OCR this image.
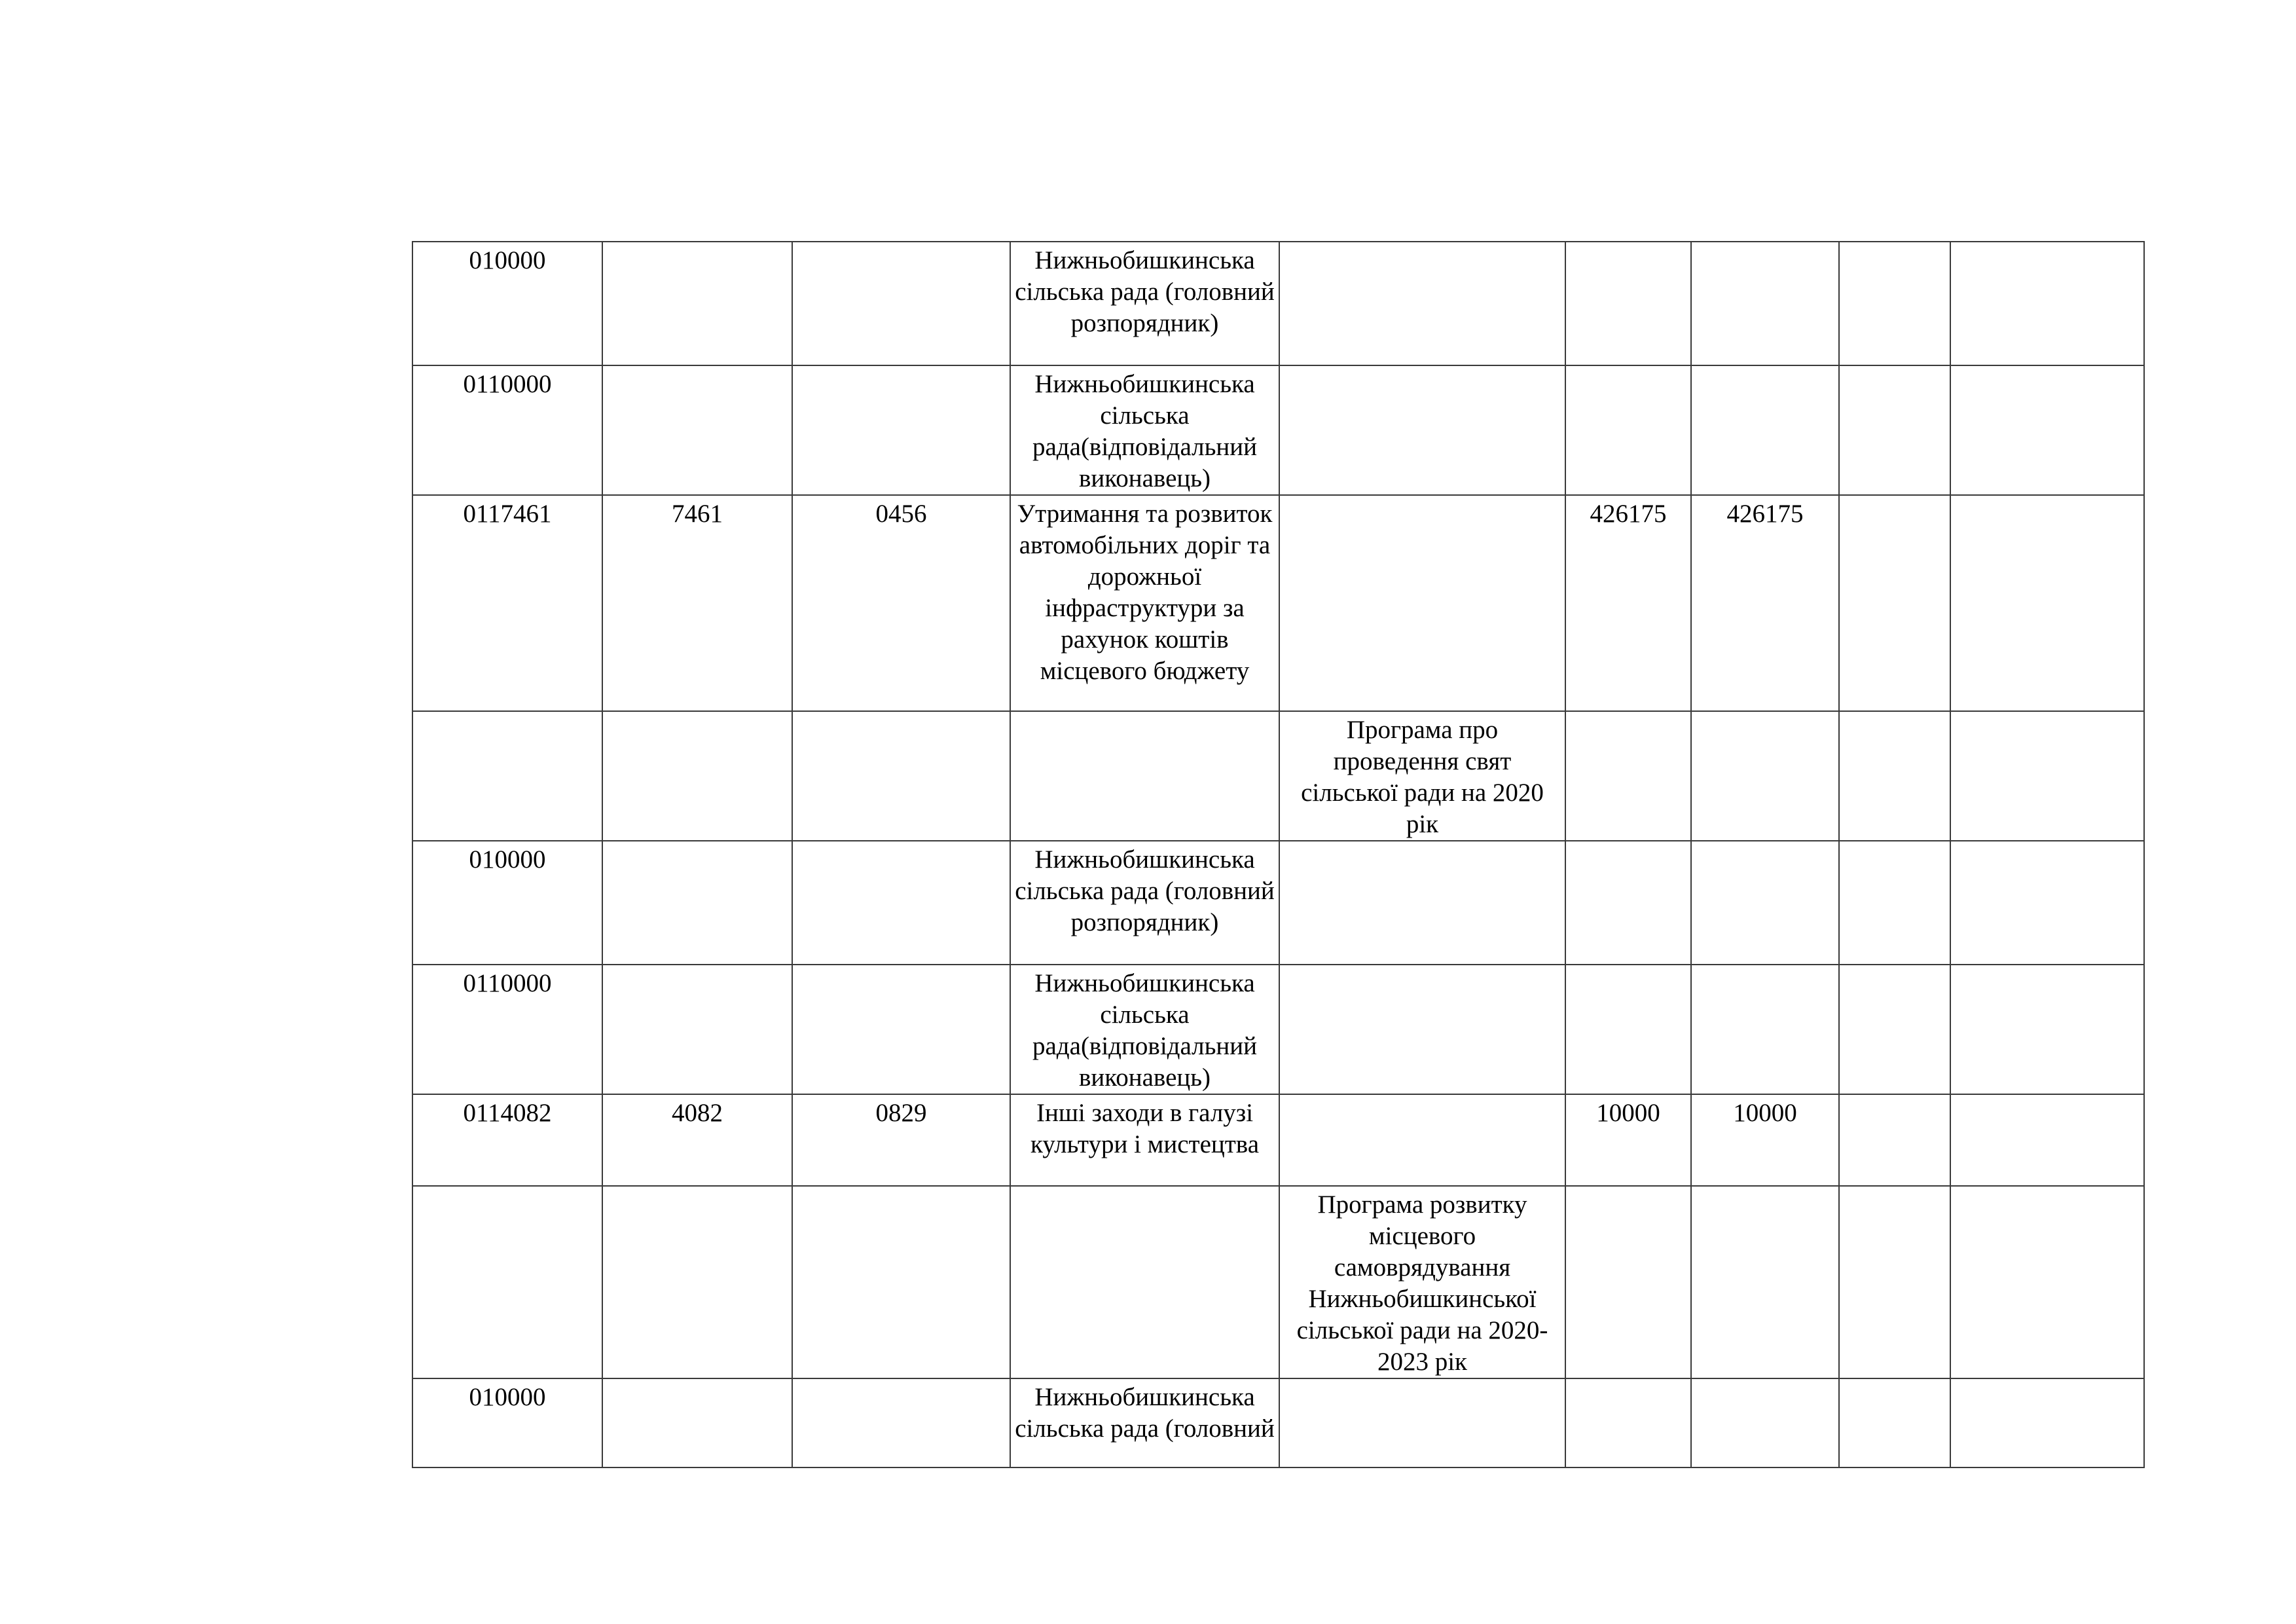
010000			Нижньобишкинська сільська рада (головний розпорядник)					
0110000			Нижньобишкинська сільська рада(відповідальний виконавець)					
0117461	7461	0456	Утримання та розвиток автомобільних доріг та дорожньої інфраструктури за рахунок коштів місцевого бюджету		426175	426175		
				Програма про проведення свят сільської ради на 2020 рік				
010000			Нижньобишкинська сільська рада (головний розпорядник)					
0110000			Нижньобишкинська сільська рада(відповідальний виконавець)					
0114082	4082	0829	Інші заходи в галузі культури і мистецтва		10000	10000		
				Програма розвитку місцевого самоврядування Нижньобишкинської сільської ради на 2020-2023 рік				
010000			Нижньобишкинська сільська рада (головний					
